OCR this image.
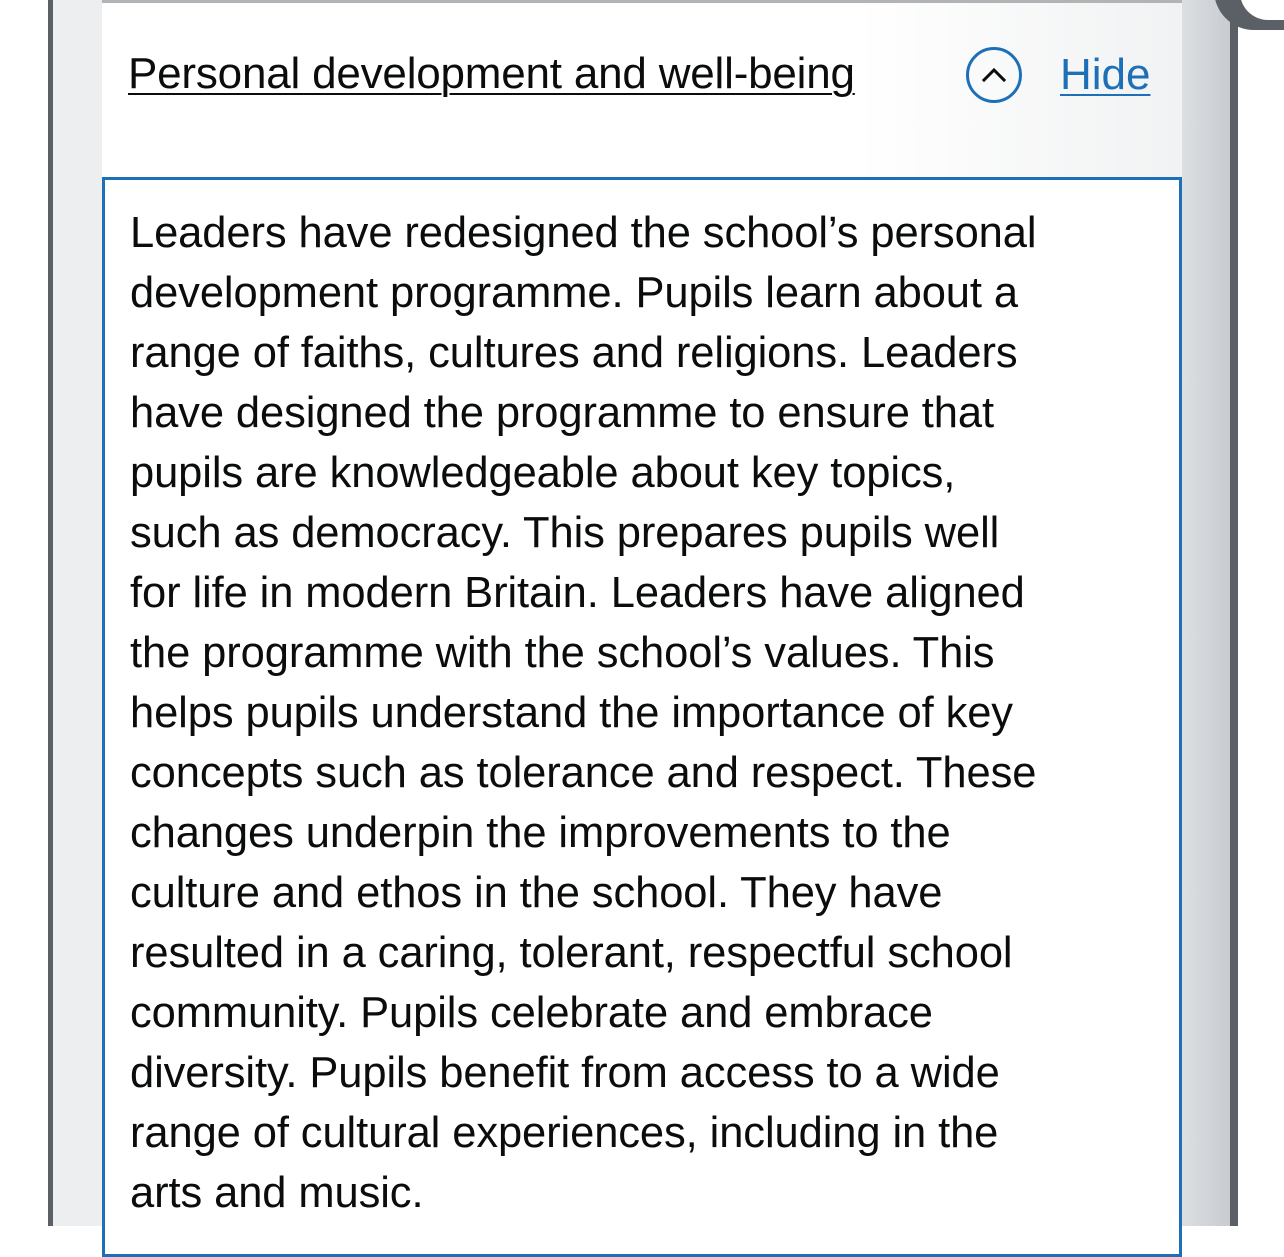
Personal development and well-being	Hide

Leaders have redesigned the school’s personal
development programme. Pupils learn about a
range of faiths, cultures and religions. Leaders
have designed the programme to ensure that
pupils are knowledgeable about key topics,
such as democracy. This prepares pupils well
for life in modern Britain. Leaders have aligned
the programme with the school’s values. This
helps pupils understand the importance of key
concepts such as tolerance and respect. These
changes underpin the improvements to the
culture and ethos in the school. They have
resulted in a caring, tolerant, respectful school
community. Pupils celebrate and embrace
diversity. Pupils benefit from access to a wide
range of cultural experiences, including in the
arts and music.
